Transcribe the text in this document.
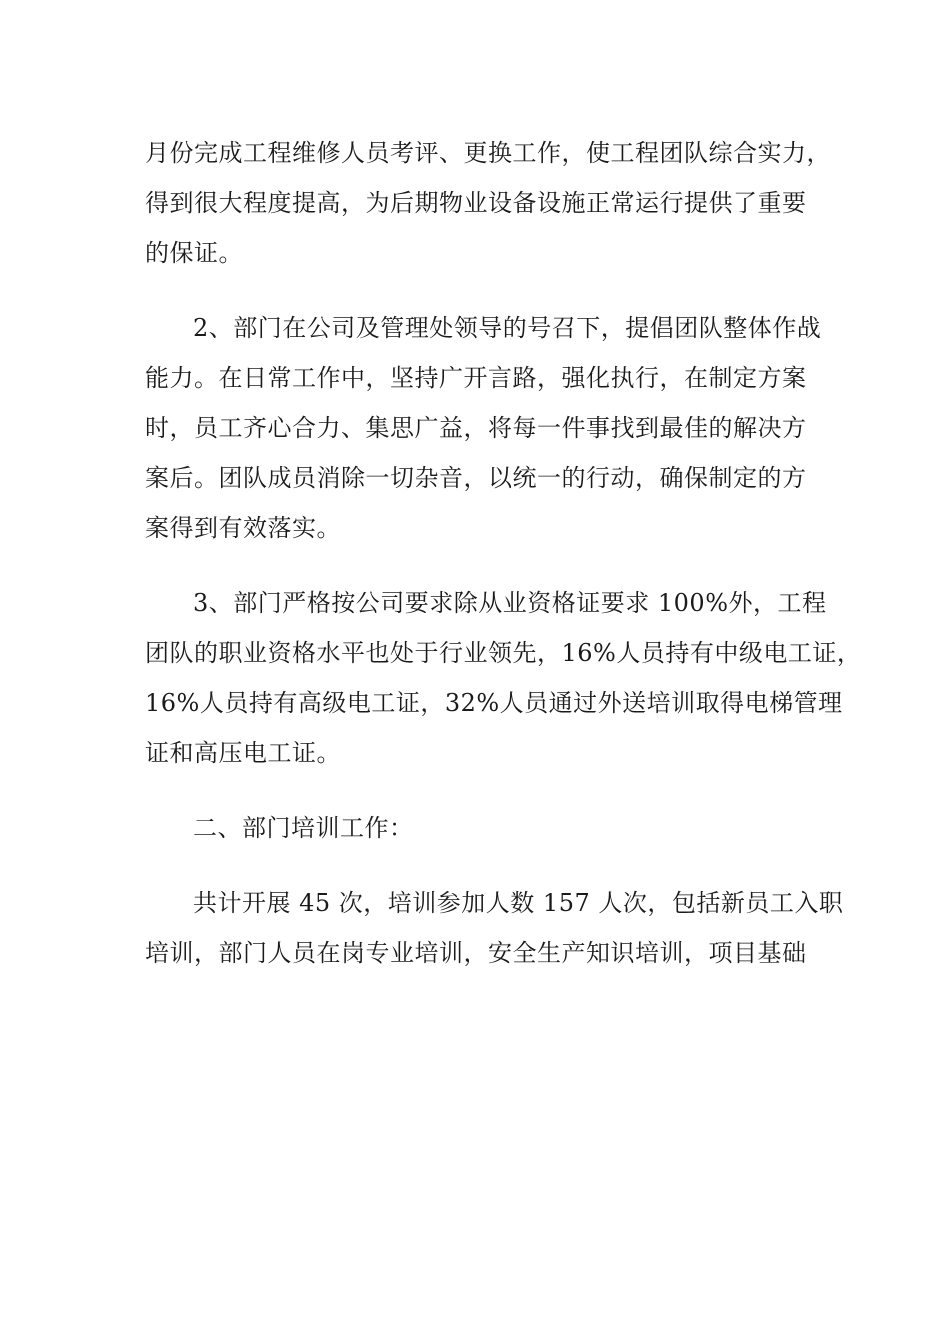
月份完成工程维修人员考评、更换工作，使工程团队综合实力，
得到很大程度提高，为后期物业设备设施正常运行提供了重要
的保证。

2、部门在公司及管理处领导的号召下，提倡团队整体作战
能力。在日常工作中，坚持广开言路，强化执行，在制定方案
时，员工齐心合力、集思广益，将每一件事找到最佳的解决方
案后。团队成员消除一切杂音，以统一的行动，确保制定的方
案得到有效落实。

3、部门严格按公司要求除从业资格证要求 100%外，工程
团队的职业资格水平也处于行业领先，16%人员持有中级电工证，
16%人员持有高级电工证，32%人员通过外送培训取得电梯管理
证和高压电工证。

二、部门培训工作：

共计开展 45 次，培训参加人数 157 人次，包括新员工入职
培训，部门人员在岗专业培训，安全生产知识培训，项目基础
